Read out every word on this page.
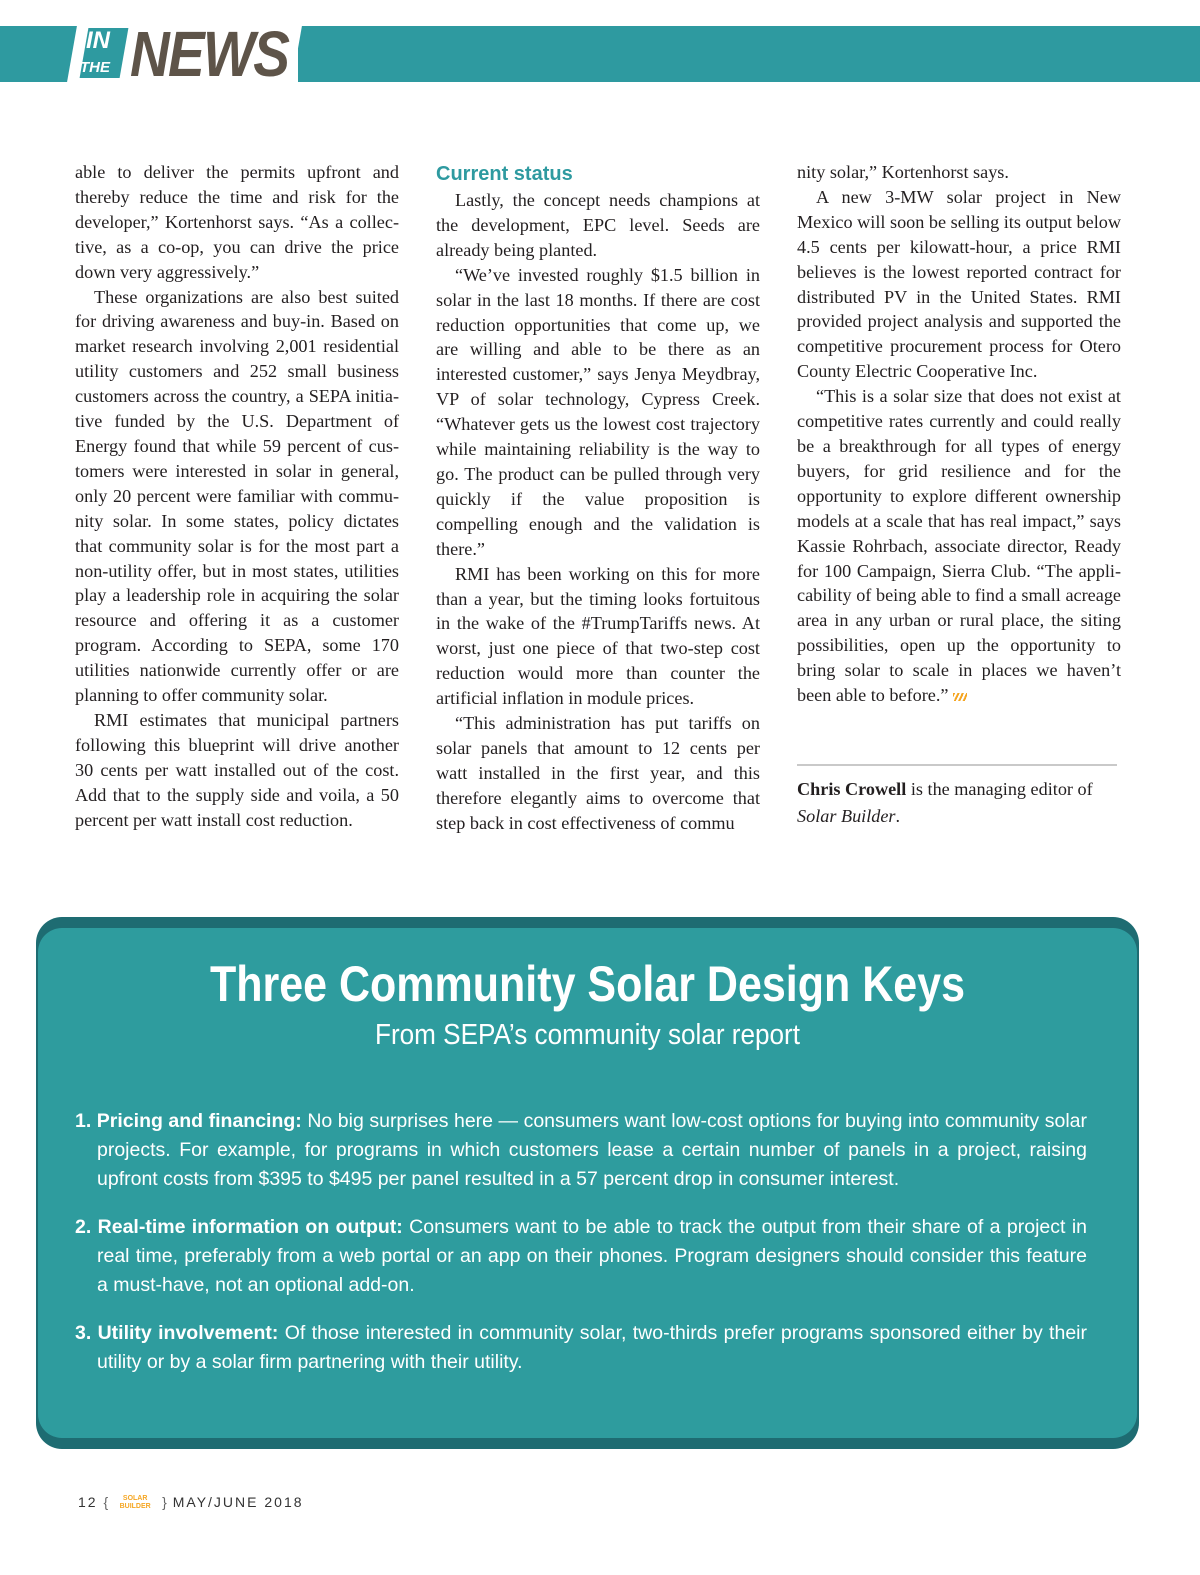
IN
THE NEWS

able to deliver the permits upfront and thereby reduce the time and risk for the developer,” Kortenhorst says. “As a collective, as a co-op, you can drive the price down very aggressively.”

These organizations are also best suited for driving awareness and buy-in. Based on market research involving 2,001 residential utility customers and 252 small business customers across the country, a SEPA initiative funded by the U.S. Department of Energy found that while 59 percent of customers were interested in solar in general, only 20 percent were familiar with community solar. In some states, policy dictates that community solar is for the most part a non-utility offer, but in most states, utilities play a leadership role in acquiring the solar resource and offering it as a customer program. According to SEPA, some 170 utilities nationwide currently offer or are planning to offer community solar.

RMI estimates that municipal partners following this blueprint will drive another 30 cents per watt installed out of the cost. Add that to the supply side and voila, a 50 percent per watt install cost reduction.

Current status

Lastly, the concept needs champions at the development, EPC level. Seeds are already being planted.

“We’ve invested roughly $1.5 billion in solar in the last 18 months. If there are cost reduction opportunities that come up, we are willing and able to be there as an interested customer,” says Jenya Meydbray, VP of solar technology, Cypress Creek. “Whatever gets us the lowest cost trajectory while maintaining reliability is the way to go. The product can be pulled through very quickly if the value proposition is compelling enough and the validation is there.”

RMI has been working on this for more than a year, but the timing looks fortuitous in the wake of the #TrumpTariffs news. At worst, just one piece of that two-step cost reduction would more than counter the artificial inflation in module prices.

“This administration has put tariffs on solar panels that amount to 12 cents per watt installed in the first year, and this therefore elegantly aims to overcome that step back in cost effectiveness of commu

nity solar,” Kortenhorst says.

A new 3-MW solar project in New Mexico will soon be selling its output below 4.5 cents per kilowatt-hour, a price RMI believes is the lowest reported contract for distributed PV in the United States. RMI provided project analysis and supported the competitive procurement process for Otero County Electric Cooperative Inc.

“This is a solar size that does not exist at competitive rates currently and could really be a breakthrough for all types of energy buyers, for grid resilience and for the opportunity to explore different ownership models at a scale that has real impact,” says Kassie Rohrbach, associate director, Ready for 100 Campaign, Sierra Club. “The applicability of being able to find a small acreage area in any urban or rural place, the siting possibilities, open up the opportunity to bring solar to scale in places we haven’t been able to before.”

Chris Crowell is the managing editor of
Solar Builder.
Three Community Solar Design Keys
From SEPA’s community solar report
1. Pricing and financing: No big surprises here — consumers want low-cost options for buying into community solar projects. For example, for programs in which customers lease a certain number of panels in a project, raising upfront costs from $395 to $495 per panel resulted in a 57 percent drop in consumer interest.
2. Real-time information on output: Consumers want to be able to track the output from their share of a project in real time, preferably from a web portal or an app on their phones. Program designers should consider this feature a must-have, not an optional add-on.
3. Utility involvement: Of those interested in community solar, two-thirds prefer programs sponsored either by their utility or by a solar firm partnering with their utility.
12 { SOLAR
BUILDER } MAY/JUNE 2018
